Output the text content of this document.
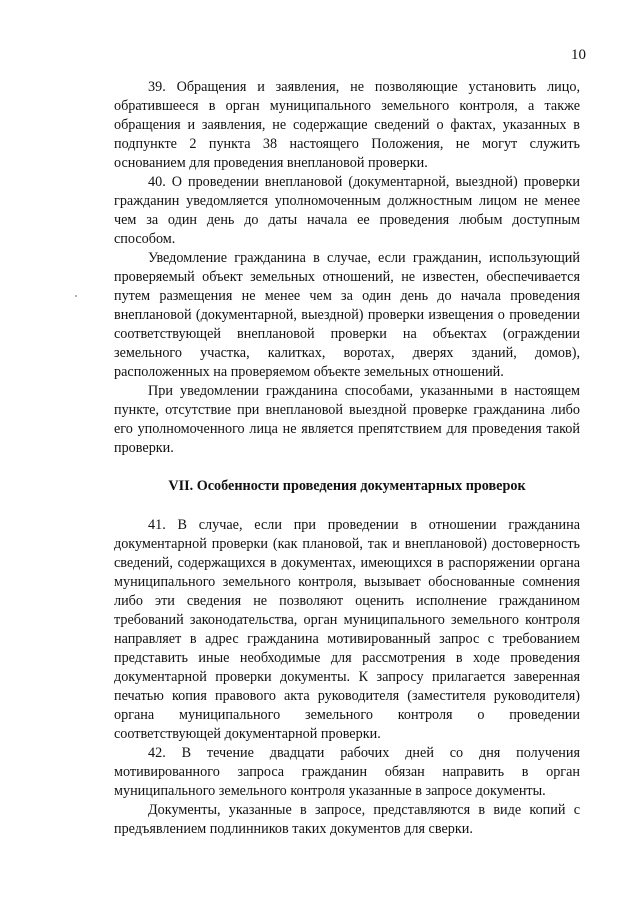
10

39. Обращения и заявления, не позволяющие установить лицо, обратившееся в орган муниципального земельного контроля, а также обращения и заявления, не содержащие сведений о фактах, указанных в подпункте 2 пункта 38 настоящего Положения, не могут служить основанием для проведения внеплановой проверки.

40. О проведении внеплановой (документарной, выездной) проверки гражданин уведомляется уполномоченным должностным лицом не менее чем за один день до даты начала ее проведения любым доступным способом.

Уведомление гражданина в случае, если гражданин, использующий проверяемый объект земельных отношений, не известен, обеспечивается путем размещения не менее чем за один день до начала проведения внеплановой (документарной, выездной) проверки извещения о проведении соответствующей внеплановой проверки на объектах (ограждении земельного участка, калитках, воротах, дверях зданий, домов), расположенных на проверяемом объекте земельных отношений.

При уведомлении гражданина способами, указанными в настоящем пункте, отсутствие при внеплановой выездной проверке гражданина либо его уполномоченного лица не является препятствием для проведения такой проверки.

VII. Особенности проведения документарных проверок

41. В случае, если при проведении в отношении гражданина документарной проверки (как плановой, так и внеплановой) достоверность сведений, содержащихся в документах, имеющихся в распоряжении органа муниципального земельного контроля, вызывает обоснованные сомнения либо эти сведения не позволяют оценить исполнение гражданином требований законодательства, орган муниципального земельного контроля направляет в адрес гражданина мотивированный запрос с требованием представить иные необходимые для рассмотрения в ходе проведения документарной проверки документы. К запросу прилагается заверенная печатью копия правового акта руководителя (заместителя руководителя) органа муниципального земельного контроля о проведении соответствующей документарной проверки.

42. В течение двадцати рабочих дней со дня получения мотивированного запроса гражданин обязан направить в орган муниципального земельного контроля указанные в запросе документы.

Документы, указанные в запросе, представляются в виде копий с предъявлением подлинников таких документов для сверки.
